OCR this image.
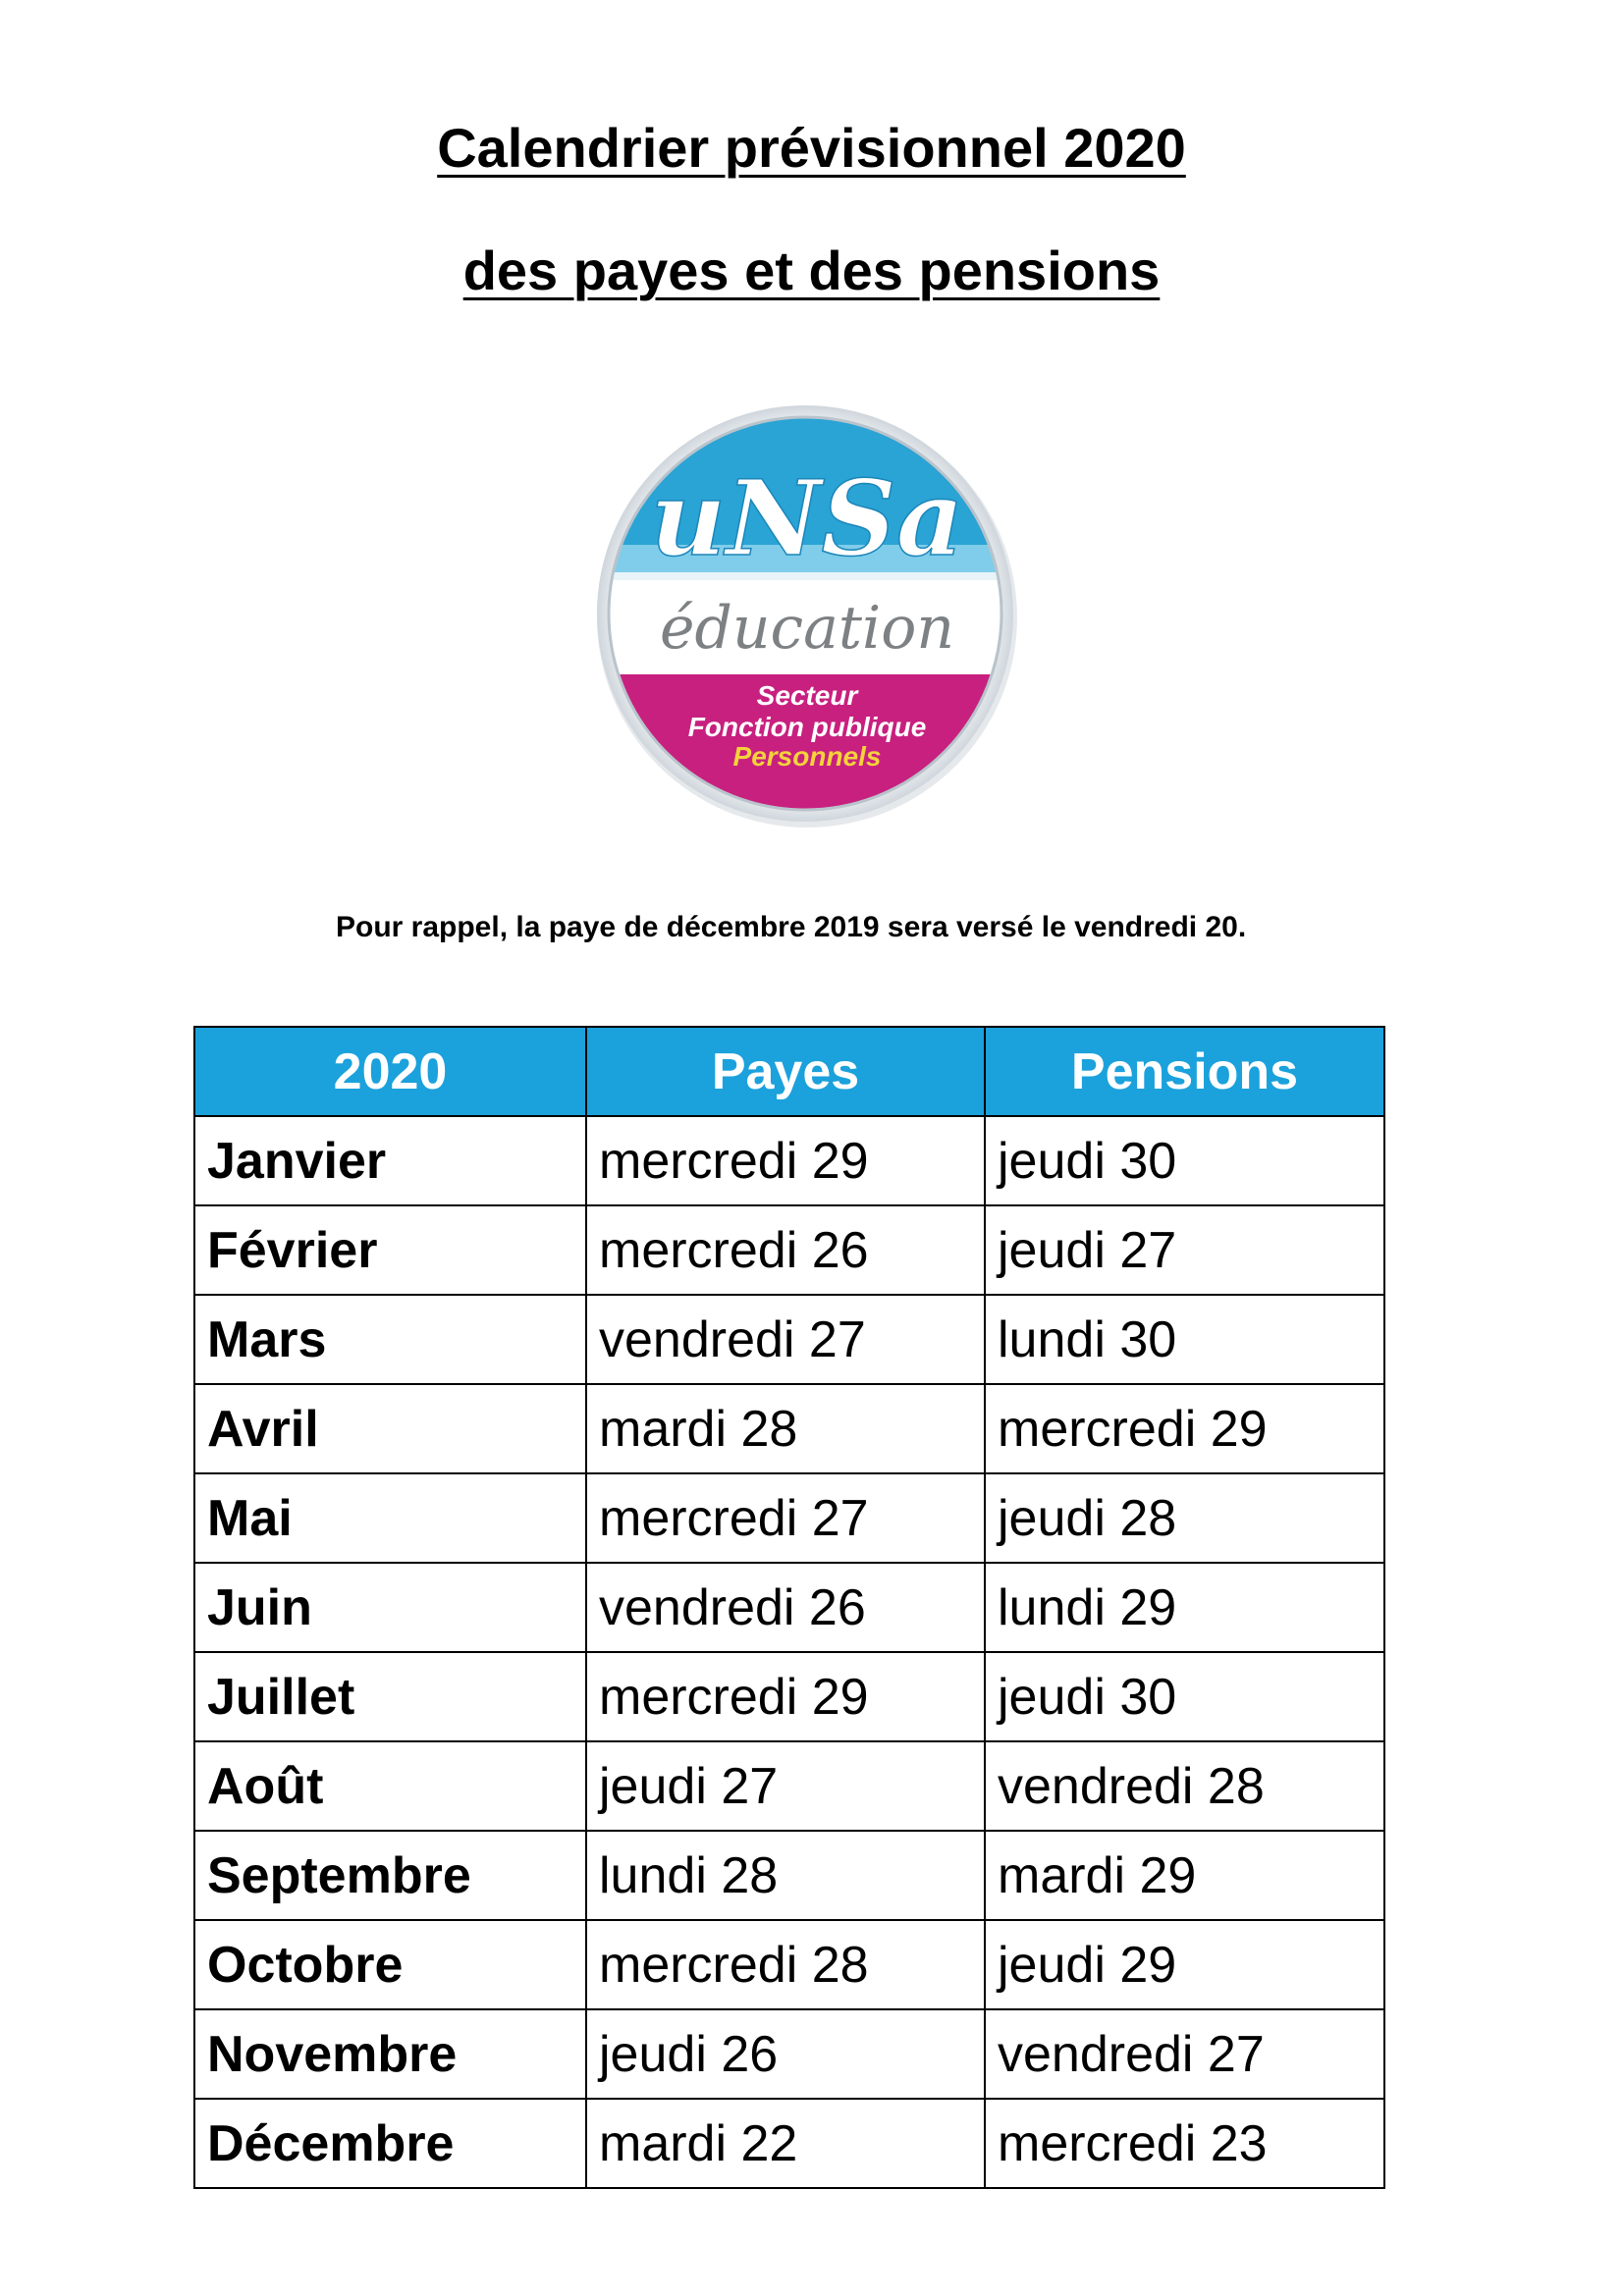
Calendrier prévisionnel 2020
des payes et des pensions
uNSa
éducation
Secteur
Fonction publique
Personnels

Pour rappel, la paye de décembre 2019 sera versé le vendredi 20.

2020	Payes	Pensions
Janvier	mercredi 29	jeudi 30
Février	mercredi 26	jeudi 27
Mars	vendredi 27	lundi 30
Avril	mardi 28	mercredi 29
Mai	mercredi 27	jeudi 28
Juin	vendredi 26	lundi 29
Juillet	mercredi 29	jeudi 30
Août	jeudi 27	vendredi 28
Septembre	lundi 28	mardi 29
Octobre	mercredi 28	jeudi 29
Novembre	jeudi 26	vendredi 27
Décembre	mardi 22	mercredi 23
